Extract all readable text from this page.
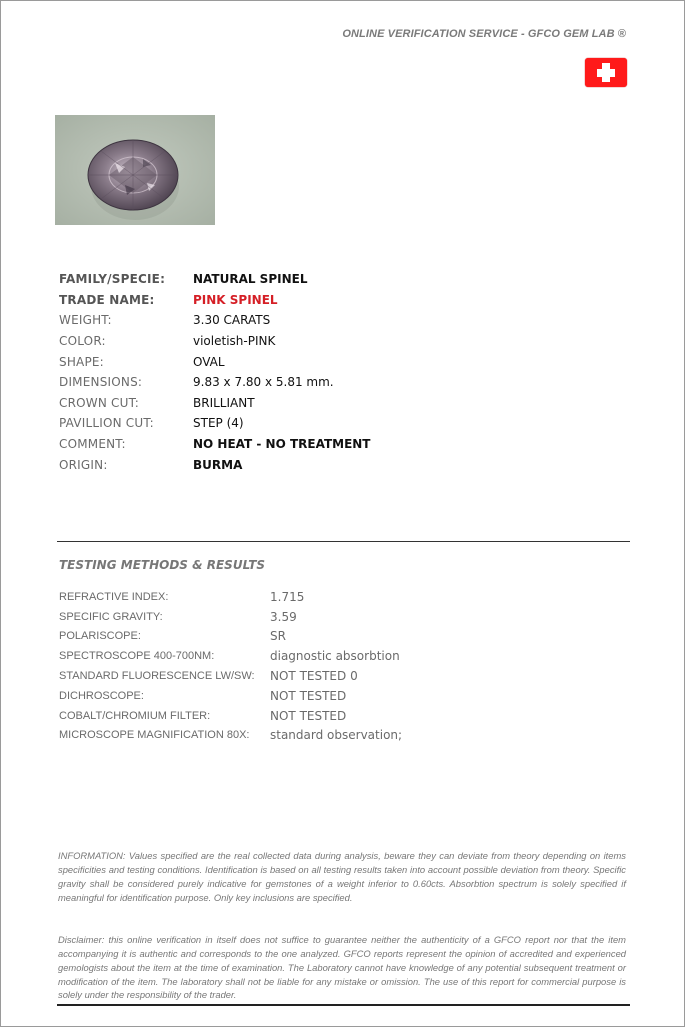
ONLINE VERIFICATION SERVICE - GFCO GEM LAB ®
FAMILY/SPECIE:	NATURAL SPINEL
TRADE NAME:	PINK SPINEL
WEIGHT:	3.30 CARATS
COLOR:	violetish-PINK
SHAPE:	OVAL
DIMENSIONS:	9.83 x 7.80 x 5.81 mm.
CROWN CUT:	BRILLIANT
PAVILLION CUT:	STEP (4)
COMMENT:	NO HEAT - NO TREATMENT
ORIGIN:	BURMA
TESTING METHODS & RESULTS
REFRACTIVE INDEX:	1.715
SPECIFIC GRAVITY:	3.59
POLARISCOPE:	SR
SPECTROSCOPE 400-700NM:	diagnostic absorbtion
STANDARD FLUORESCENCE LW/SW:	NOT TESTED 0
DICHROSCOPE:	NOT TESTED
COBALT/CHROMIUM FILTER:	NOT TESTED
MICROSCOPE MAGNIFICATION 80X:	standard observation;

INFORMATION: Values specified are the real collected data during analysis, beware they can deviate from theory depending on items specificities and testing conditions. Identification is based on all testing results taken into account possible deviation from theory. Specific gravity shall be considered purely indicative for gemstones of a weight inferior to 0.60cts. Absorbtion spectrum is solely specified if meaningful for identification purpose. Only key inclusions are specified.

Disclaimer: this online verification in itself does not suffice to guarantee neither the authenticity of a GFCO report nor that the item accompanying it is authentic and corresponds to the one analyzed. GFCO reports represent the opinion of accredited and experienced gemologists about the item at the time of examination. The Laboratory cannot have knowledge of any potential subsequent treatment or modification of the item. The laboratory shall not be liable for any mistake or omission. The use of this report for commercial purpose is solely under the responsibility of the trader.
